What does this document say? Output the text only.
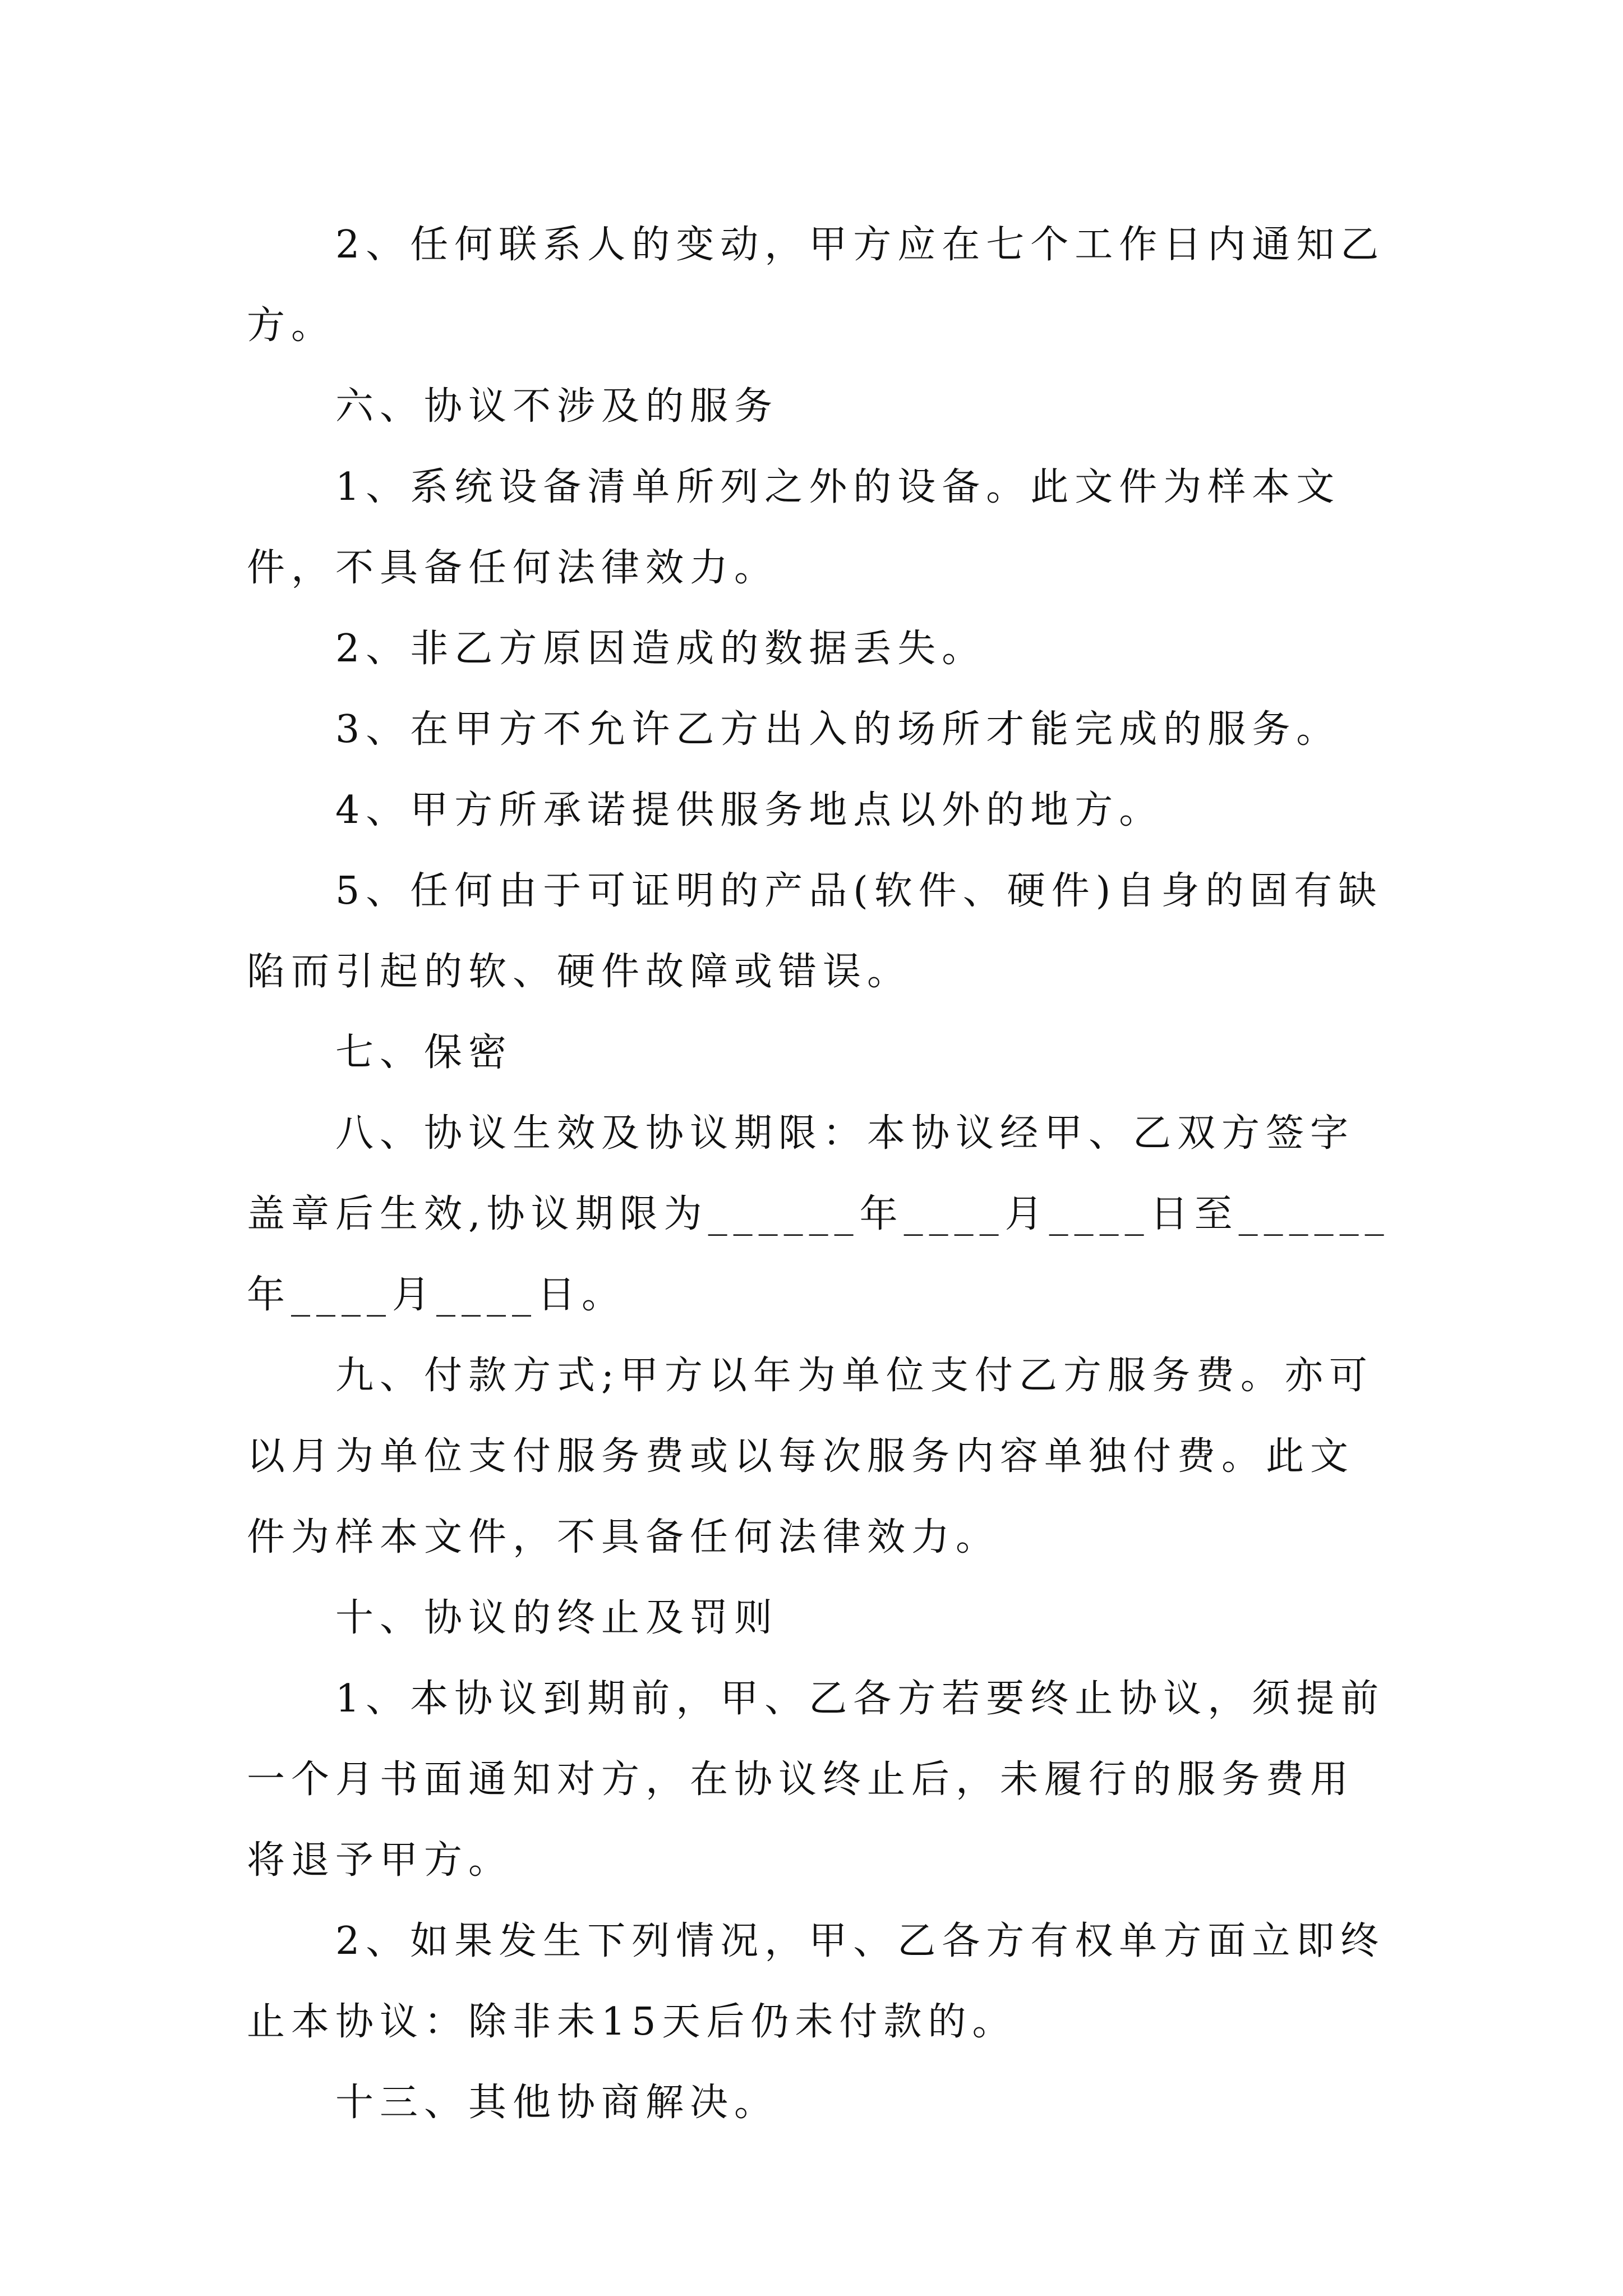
2、任何联系人的变动，甲方应在七个工作日内通知乙方。

六、协议不涉及的服务

1、系统设备清单所列之外的设备。此文件为样本文件，不具备任何法律效力。

2、非乙方原因造成的数据丢失。

3、在甲方不允许乙方出入的场所才能完成的服务。

4、甲方所承诺提供服务地点以外的地方。

5、任何由于可证明的产品(软件、硬件)自身的固有缺陷而引起的软、硬件故障或错误。

七、保密

八、协议生效及协议期限：本协议经甲、乙双方签字盖章后生效,协议期限为______年____月____日至______年____月____日。

九、付款方式;甲方以年为单位支付乙方服务费。亦可以月为单位支付服务费或以每次服务内容单独付费。此文件为样本文件，不具备任何法律效力。

十、协议的终止及罚则

1、本协议到期前，甲、乙各方若要终止协议，须提前一个月书面通知对方，在协议终止后，未履行的服务费用将退予甲方。

2、如果发生下列情况，甲、乙各方有权单方面立即终止本协议：除非未15天后仍未付款的。

十三、其他协商解决。
